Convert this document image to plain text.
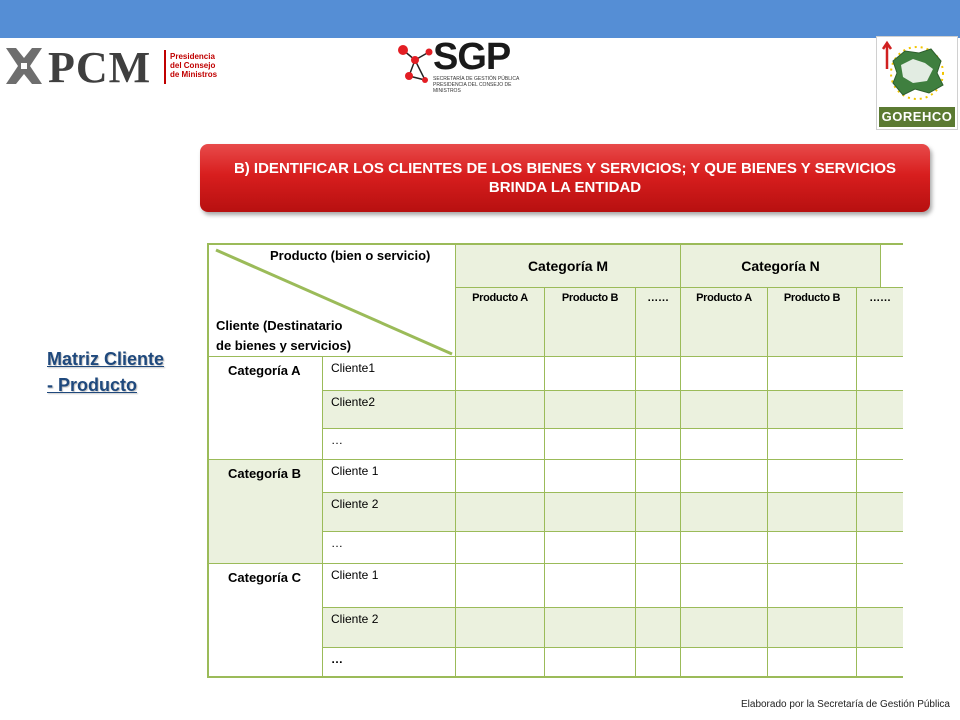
PCM Presidencia
del Consejo
de Ministros	SGP
SECRETARÍA DE GESTIÓN PÚBLICA
PRESIDENCIA DEL CONSEJO DE MINISTROS
GOREHCO
B) IDENTIFICAR LOS CLIENTES DE LOS BIENES Y SERVICIOS; Y QUE BIENES Y SERVICIOS BRINDA LA ENTIDAD
Matriz Cliente
- Producto
Producto (bien o servicio)
Cliente (Destinatario
de bienes y servicios)
Categoría M	Categoría N
Producto A	Producto B	……	Producto A	Producto B	……
Categoría A	Cliente1
Cliente2
…
Categoría B	Cliente 1
Cliente 2
…
Categoría C	Cliente 1
Cliente 2
…
Elaborado por la Secretaría de Gestión Pública
